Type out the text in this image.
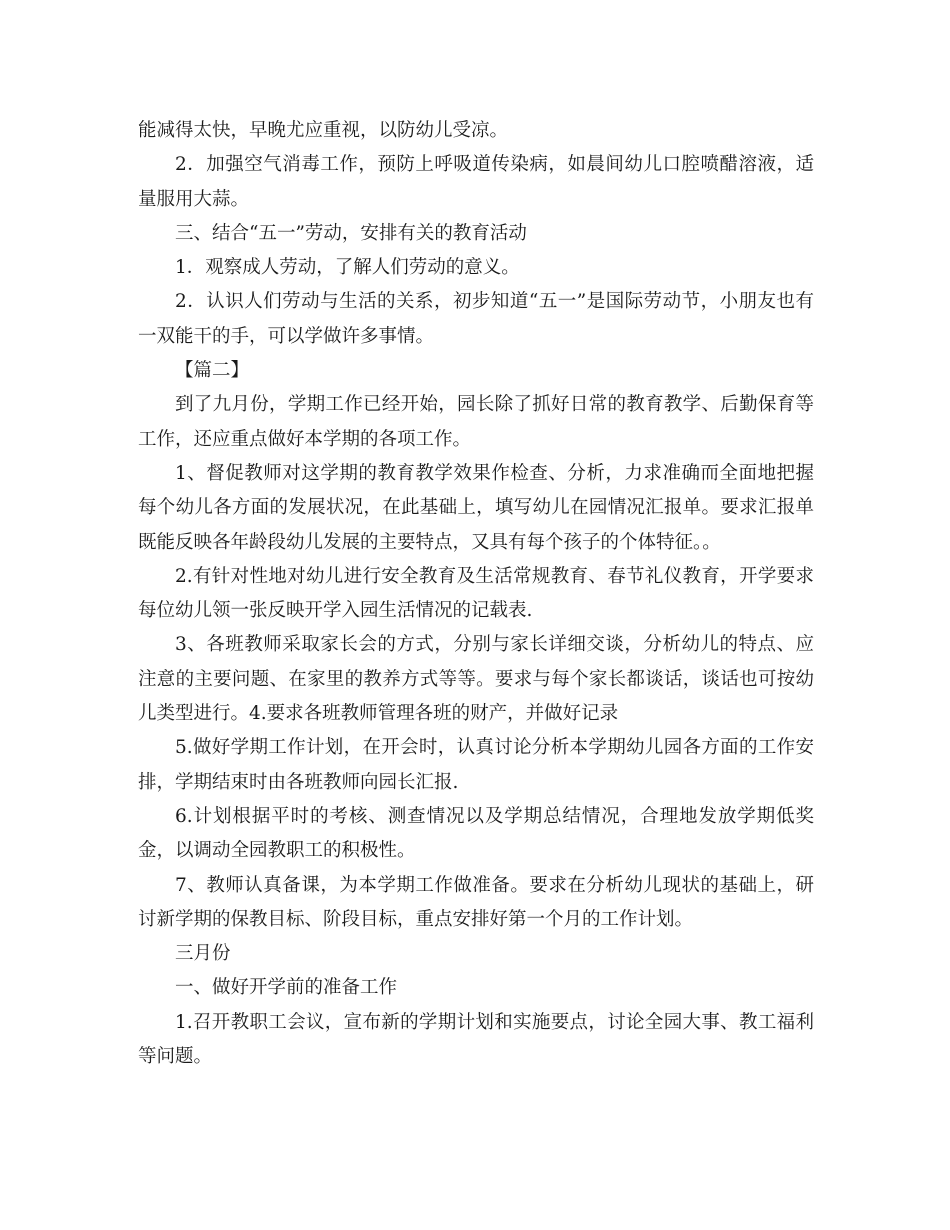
能减得太快，早晚尤应重视，以防幼儿受凉。

2．加强空气消毒工作，预防上呼吸道传染病，如晨间幼儿口腔喷醋溶液，适量服用大蒜。

三、结合“五一”劳动，安排有关的教育活动

1．观察成人劳动，了解人们劳动的意义。

2．认识人们劳动与生活的关系，初步知道“五一”是国际劳动节，小朋友也有一双能干的手，可以学做许多事情。

【篇二】

到了九月份，学期工作已经开始，园长除了抓好日常的教育教学、后勤保育等工作，还应重点做好本学期的各项工作。

1、督促教师对这学期的教育教学效果作检查、分析，力求准确而全面地把握每个幼儿各方面的发展状况，在此基础上，填写幼儿在园情况汇报单。要求汇报单既能反映各年龄段幼儿发展的主要特点，又具有每个孩子的个体特征。。

2.有针对性地对幼儿进行安全教育及生活常规教育、春节礼仪教育，开学要求每位幼儿领一张反映开学入园生活情况的记载表.

3、各班教师采取家长会的方式，分别与家长详细交谈，分析幼儿的特点、应注意的主要问题、在家里的教养方式等等。要求与每个家长都谈话，谈话也可按幼儿类型进行。4.要求各班教师管理各班的财产，并做好记录

5.做好学期工作计划，在开会时，认真讨论分析本学期幼儿园各方面的工作安排，学期结束时由各班教师向园长汇报.

6.计划根据平时的考核、测查情况以及学期总结情况，合理地发放学期低奖金，以调动全园教职工的积极性。

7、教师认真备课，为本学期工作做准备。要求在分析幼儿现状的基础上，研讨新学期的保教目标、阶段目标，重点安排好第一个月的工作计划。

三月份

一、做好开学前的准备工作

1.召开教职工会议，宣布新的学期计划和实施要点，讨论全园大事、教工福利等问题。
